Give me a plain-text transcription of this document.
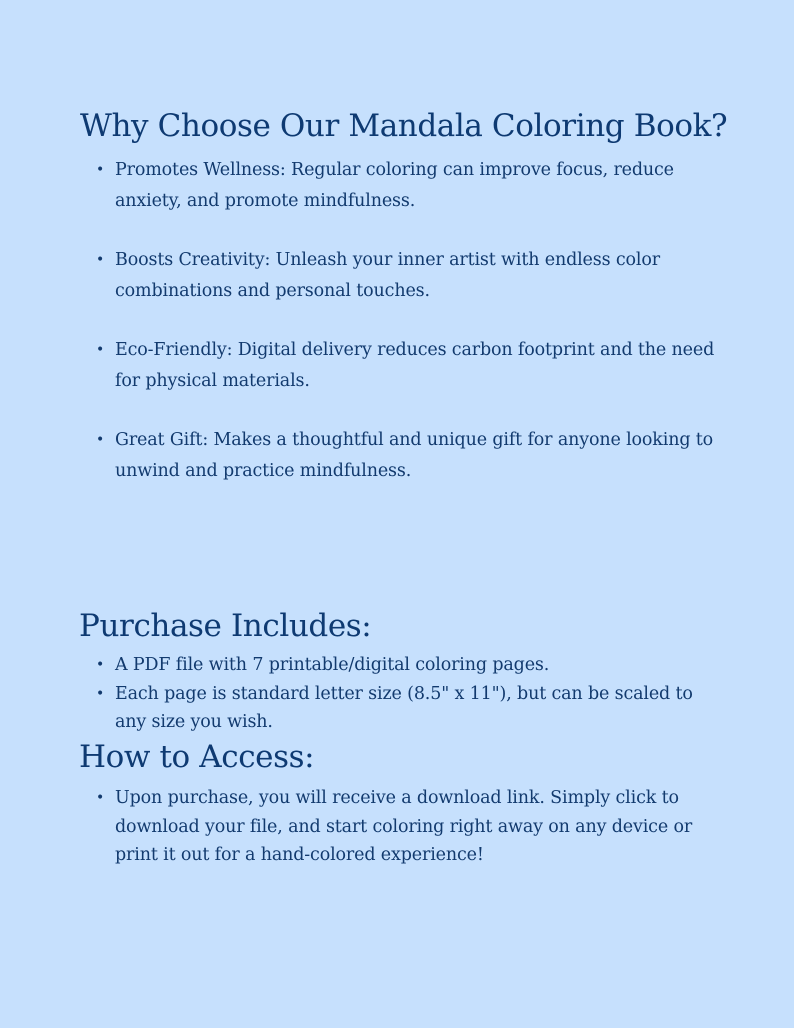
Why Choose Our Mandala Coloring Book?
• Promotes Wellness: Regular coloring can improve focus, reduce anxiety, and promote mindfulness.
• Boosts Creativity: Unleash your inner artist with endless color combinations and personal touches.
• Eco-Friendly: Digital delivery reduces carbon footprint and the need for physical materials.
• Great Gift: Makes a thoughtful and unique gift for anyone looking to unwind and practice mindfulness.
Purchase Includes:
• A PDF file with 7 printable/digital coloring pages.
• Each page is standard letter size (8.5" x 11"), but can be scaled to any size you wish.
How to Access:
• Upon purchase, you will receive a download link. Simply click to download your file, and start coloring right away on any device or print it out for a hand-colored experience!
